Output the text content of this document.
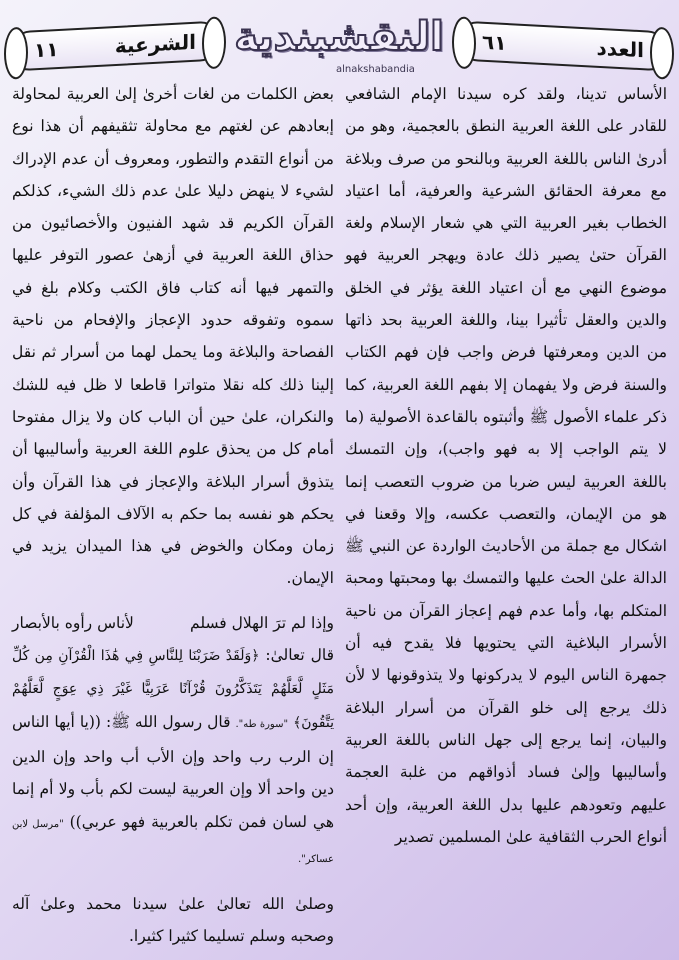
١١	الشرعية النقشبندية
alnakshabandia
٦١	العدد

الأساس تدينا، ولقد كره سيدنا الإمام الشافعي للقادر على اللغة العربية النطق بالعجمية، وهو من أدرىٰ الناس باللغة العربية وبالنحو من صرف وبلاغة مع معرفة الحقائق الشرعية والعرفية، أما اعتياد الخطاب بغير العربية التي هي شعار الإسلام ولغة القرآن حتىٰ يصير ذلك عادة ويهجر العربية فهو موضوع النهي مع أن اعتياد اللغة يؤثر في الخلق والدين والعقل تأثيرا بينا، واللغة العربية بحد ذاتها من الدين ومعرفتها فرض واجب فإن فهم الكتاب والسنة فرض ولا يفهمان إلا بفهم اللغة العربية، كما ذكر علماء الأصول ﷺ وأثبتوه بالقاعدة الأصولية (ما لا يتم الواجب إلا به فهو واجب)، وإن التمسك باللغة العربية ليس ضربا من ضروب التعصب إنما هو من الإيمان، والتعصب عكسه، وإلا وقعنا في اشكال مع جملة من الأحاديث الواردة عن النبي ﷺ الدالة علىٰ الحث عليها والتمسك بها ومحبتها ومحبة المتكلم بها، وأما عدم فهم إعجاز القرآن من ناحية الأسرار البلاغية التي يحتويها فلا يقدح فيه أن جمهرة الناس اليوم لا يدركونها ولا يتذوقونها لا لأن ذلك يرجع إلى خلو القرآن من أسرار البلاغة والبيان، إنما يرجع إلى جهل الناس باللغة العربية وأساليبها وإلىٰ فساد أذواقهم من غلبة العجمة عليهم وتعودهم عليها بدل اللغة العربية، وإن أحد أنواع الحرب الثقافية علىٰ المسلمين تصدير

بعض الكلمات من لغات أخرىٰ إلىٰ العربية لمحاولة إبعادهم عن لغتهم مع محاولة تثقيفهم أن هذا نوع من أنواع التقدم والتطور، ومعروف أن عدم الإدراك لشيء لا ينهض دليلا علىٰ عدم ذلك الشيء، كذلكم القرآن الكريم قد شهد الفنيون والأخصائيون من حذاق اللغة العربية في أزهىٰ عصور التوفر عليها والتمهر فيها أنه كتاب فاق الكتب وكلام بلغ في سموه وتفوقه حدود الإعجاز والإفحام من ناحية الفصاحة والبلاغة وما يحمل لهما من أسرار ثم نقل إلينا ذلك كله نقلا متواترا قاطعا لا ظل فيه للشك والنكران، علىٰ حين أن الباب كان ولا يزال مفتوحا أمام كل من يحذق علوم اللغة العربية وأساليبها أن يتذوق أسرار البلاغة والإعجاز في هذا القرآن وأن يحكم هو نفسه بما حكم به الآلاف المؤلفة في كل زمان ومكان والخوض في هذا الميدان يزيد في الإيمان.

وإذا لم ترَ الهلال فسلم
لأناس رأوه بالأبصار

قال تعالىٰ: ﴿وَلَقَدْ ضَرَبْنَا لِلنَّاسِ فِي هَٰذَا الْقُرْآنِ مِن كُلِّ مَثَلٍ لَّعَلَّهُمْ يَتَذَكَّرُونَ قُرْآنًا عَرَبِيًّا غَيْرَ ذِي عِوَجٍ لَّعَلَّهُمْ يَتَّقُونَ﴾ "سورة طه". قال رسول الله ﷺ: ((يا أيها الناس إن الرب رب واحد وإن الأب أب واحد وإن الدين دين واحد ألا وإن العربية ليست لكم بأب ولا أم إنما هي لسان فمن تكلم بالعربية فهو عربي)) "مرسل لابن عساكر".

وصلىٰ الله تعالىٰ علىٰ سيدنا محمد وعلىٰ آله وصحبه وسلم تسليما كثيرا كثيرا.
